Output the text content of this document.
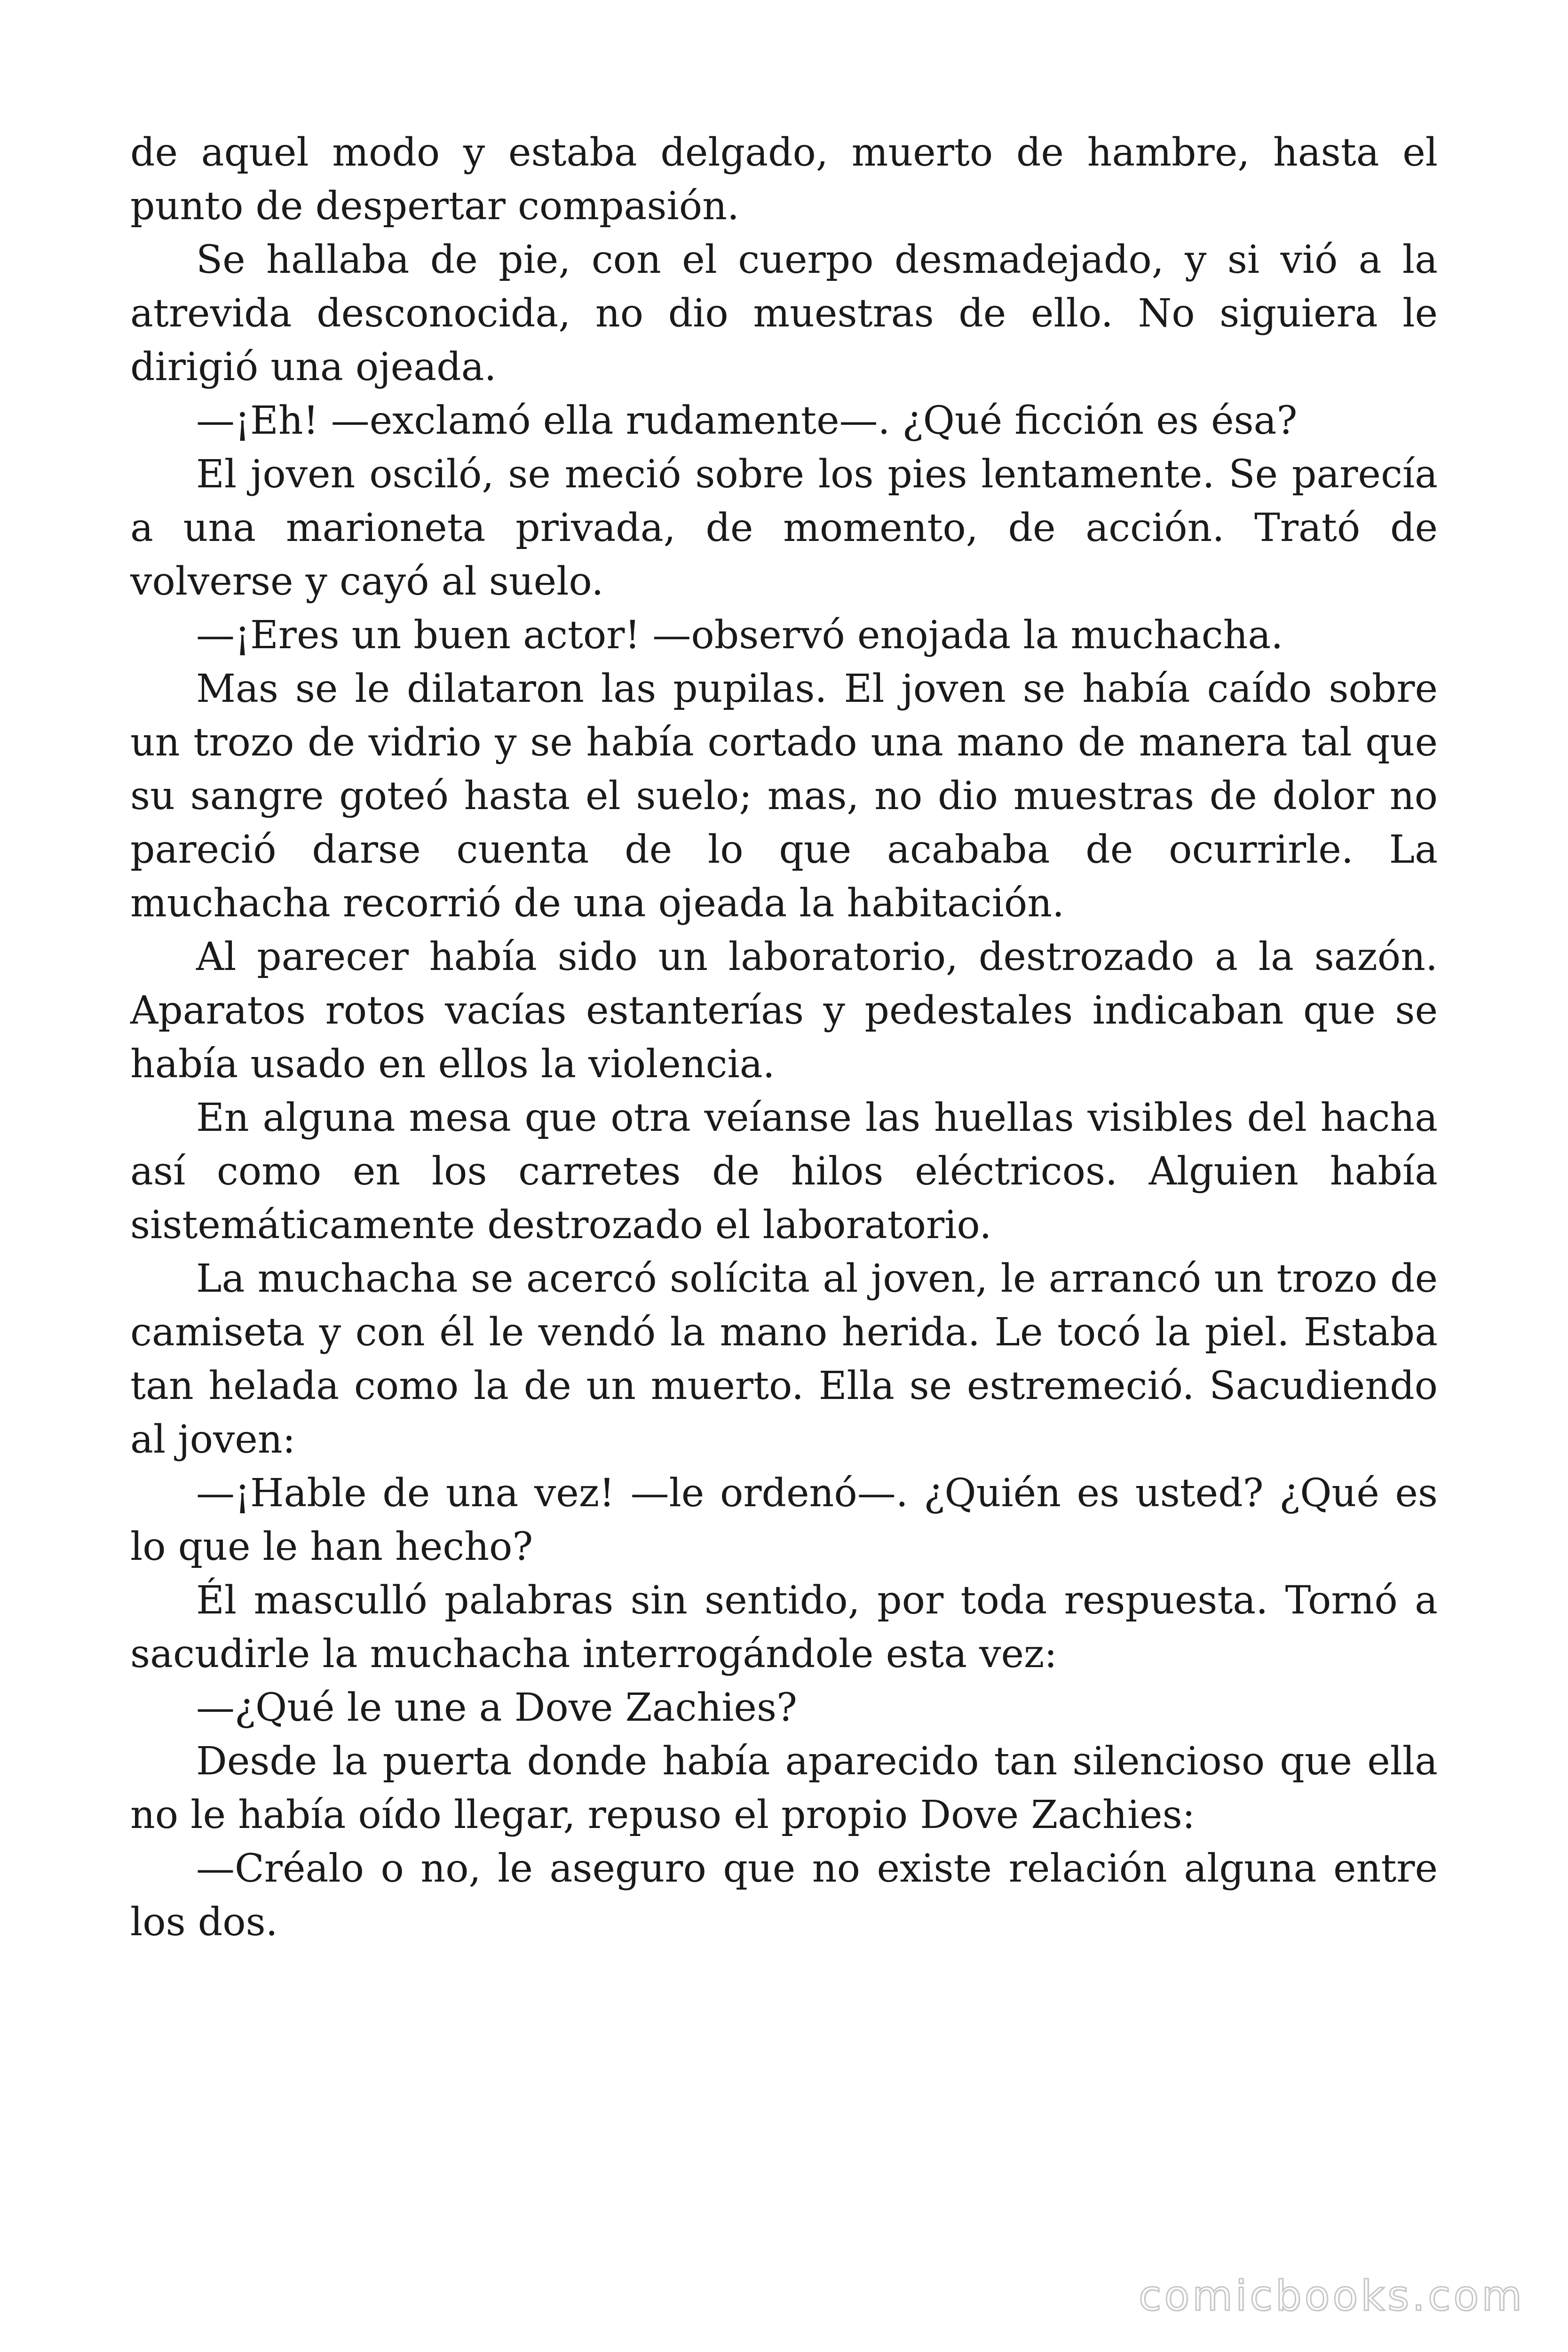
de aquel modo y estaba delgado, muerto de hambre, hasta el punto de despertar compasión.

Se hallaba de pie, con el cuerpo desmadejado, y si vió a la atrevida desconocida, no dio muestras de ello. No siguiera le dirigió una ojeada.

—¡Eh! —exclamó ella rudamente—. ¿Qué ficción es ésa?

El joven osciló, se meció sobre los pies lentamente. Se parecía a una marioneta privada, de momento, de acción. Trató de volverse y cayó al suelo.

—¡Eres un buen actor! —observó enojada la muchacha.

Mas se le dilataron las pupilas. El joven se había caído sobre un trozo de vidrio y se había cortado una mano de manera tal que su sangre goteó hasta el suelo; mas, no dio muestras de dolor no pareció darse cuenta de lo que acababa de ocurrirle. La muchacha recorrió de una ojeada la habitación.

Al parecer había sido un laboratorio, destrozado a la sazón. Aparatos rotos vacías estanterías y pedestales indicaban que se había usado en ellos la violencia.

En alguna mesa que otra veíanse las huellas visibles del hacha así como en los carretes de hilos eléctricos. Alguien había sistemáticamente destrozado el laboratorio.

La muchacha se acercó solícita al joven, le arrancó un trozo de camiseta y con él le vendó la mano herida. Le tocó la piel. Estaba tan helada como la de un muerto. Ella se estremeció. Sacudiendo al joven:

—¡Hable de una vez! —le ordenó—. ¿Quién es usted? ¿Qué es lo que le han hecho?

Él masculló palabras sin sentido, por toda respuesta. Tornó a sacudirle la muchacha interrogándole esta vez:

—¿Qué le une a Dove Zachies?

Desde la puerta donde había aparecido tan silencioso que ella no le había oído llegar, repuso el propio Dove Zachies:

—Créalo o no, le aseguro que no existe relación alguna entre los dos.

comicbooks.com
